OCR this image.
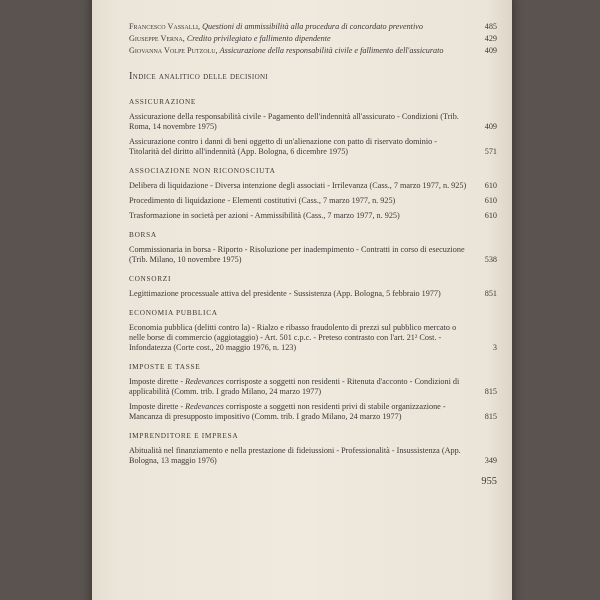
Francesco Vassalli, Questioni di ammissibilità alla procedura di concordato preventivo	485
Giuseppe Verna, Credito privilegiato e fallimento dipendente	429
Giovanna Volpe Putzolu, Assicurazione della responsabilità civile e fallimento dell'assicurato	409
Indice analitico delle decisioni
ASSICURAZIONE
Assicurazione della responsabilità civile - Pagamento dell'indennità all'assicurato - Condizioni (Trib. Roma, 14 novembre 1975)	409
Assicurazione contro i danni di beni oggetto di un'alienazione con patto di riservato dominio - Titolarità del diritto all'indennità (App. Bologna, 6 dicembre 1975)	571
ASSOCIAZIONE NON RICONOSCIUTA
Delibera di liquidazione - Diversa intenzione degli associati - Irrilevanza (Cass., 7 marzo 1977, n. 925) 610
Procedimento di liquidazione - Elementi costitutivi (Cass., 7 marzo 1977, n. 925)	610
Trasformazione in società per azioni - Ammissibilità (Cass., 7 marzo 1977, n. 925)	610
BORSA
Commissionaria in borsa - Riporto - Risoluzione per inadempimento - Contratti in corso di esecuzione (Trib. Milano, 10 novembre 1975)	538
CONSORZI
Legittimazione processuale attiva del presidente - Sussistenza (App. Bologna, 5 febbraio 1977)	851
ECONOMIA PUBBLICA
Economia pubblica (delitti contro la) - Rialzo e ribasso fraudolento di prezzi sul pubblico mercato o nelle borse di commercio (aggiotaggio) - Art. 501 c.p.c. - Preteso contrasto con l'art. 21² Cost. - Infondatezza (Corte cost., 20 maggio 1976, n. 123)	3
IMPOSTE E TASSE
Imposte dirette - Redevances corrisposte a soggetti non residenti - Ritenuta d'acconto - Condizioni di applicabilità (Comm. trib. I grado Milano, 24 marzo 1977)	815
Imposte dirette - Redevances corrisposte a soggetti non residenti privi di stabile organizzazione - Mancanza di presupposto impositivo (Comm. trib. I grado Milano, 24 marzo 1977)	815
IMPRENDITORE E IMPRESA
Abitualità nel finanziamento e nella prestazione di fideiussioni - Professionalità - Insussistenza (App. Bologna, 13 maggio 1976)	349
955
